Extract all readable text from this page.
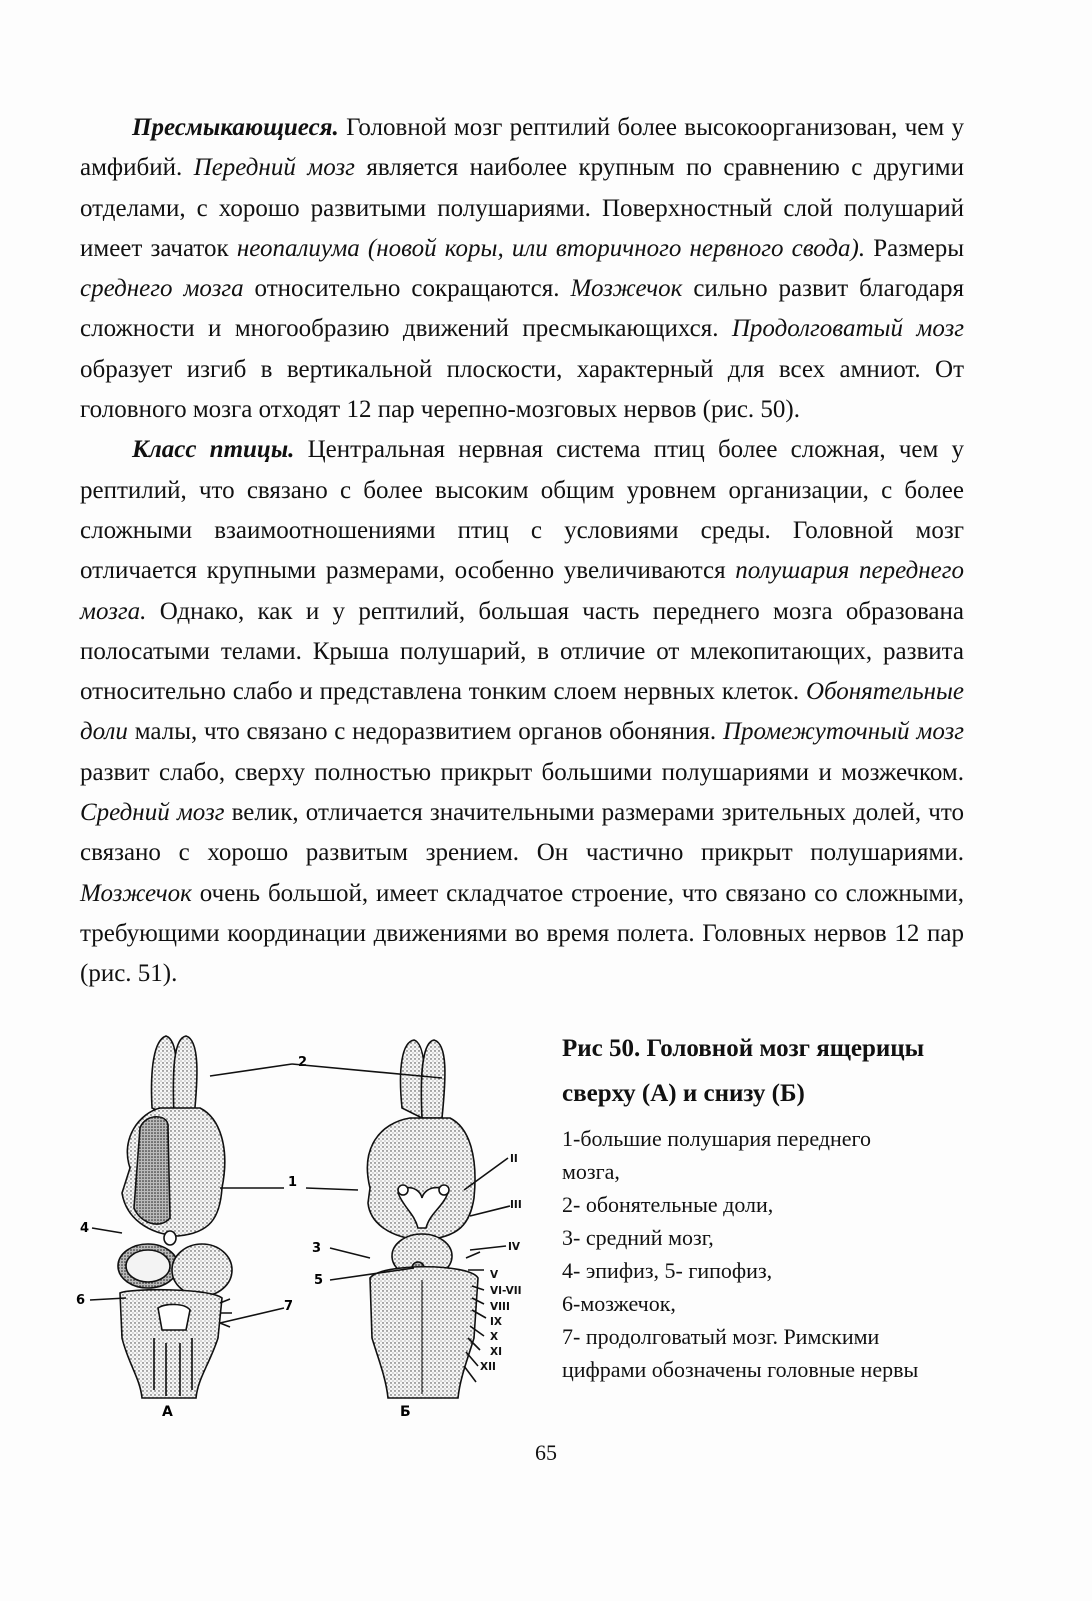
Пресмыкающиеся. Головной мозг рептилий более высокоорганизован, чем у амфибий. Передний мозг является наиболее крупным по сравнению с другими отделами, с хорошо развитыми полушариями. Поверхностный слой полушарий имеет зачаток неопалиума (новой коры, или вторичного нервного свода). Размеры среднего мозга относительно сокращаются. Мозжечок сильно развит благодаря сложности и многообразию движений пресмыкающихся. Продолговатый мозг образует изгиб в вертикальной плоскости, характерный для всех амниот. От головного мозга отходят 12 пар черепно-мозговых нервов (рис. 50).

Класс птицы. Центральная нервная система птиц более сложная, чем у рептилий, что связано с более высоким общим уровнем организации, с более сложными взаимоотношениями птиц с условиями среды. Головной мозг отличается крупными размерами, особенно увеличиваются полушария переднего мозга. Однако, как и у рептилий, большая часть переднего мозга образована полосатыми телами. Крыша полушарий, в отличие от млекопитающих, развита относительно слабо и представлена тонким слоем нервных клеток. Обонятельные доли малы, что связано с недоразвитием органов обоняния. Промежуточный мозг развит слабо, сверху полностью прикрыт большими полушариями и мозжечком. Средний мозг велик, отличается значительными размерами зрительных долей, что связано с хорошо развитым зрением. Он частично прикрыт полушариями. Мозжечок очень большой, имеет складчатое строение, что связано со сложными, требующими координации движениями во время полета. Головных нервов 12 пар (рис. 51).

2
1
4
6	7
А
3
5
II
III
IV
V
VI-VII
VIII
IX
X
XI
XII
Б
Рис 50. Головной мозг ящерицы
сверху (А) и снизу (Б)
1-большие полушария переднего
мозга,
2- обонятельные доли,
3- средний мозг,
4- эпифиз, 5- гипофиз,
6-мозжечок,
7- продолговатый мозг. Римскими
цифрами обозначены головные нервы
65
